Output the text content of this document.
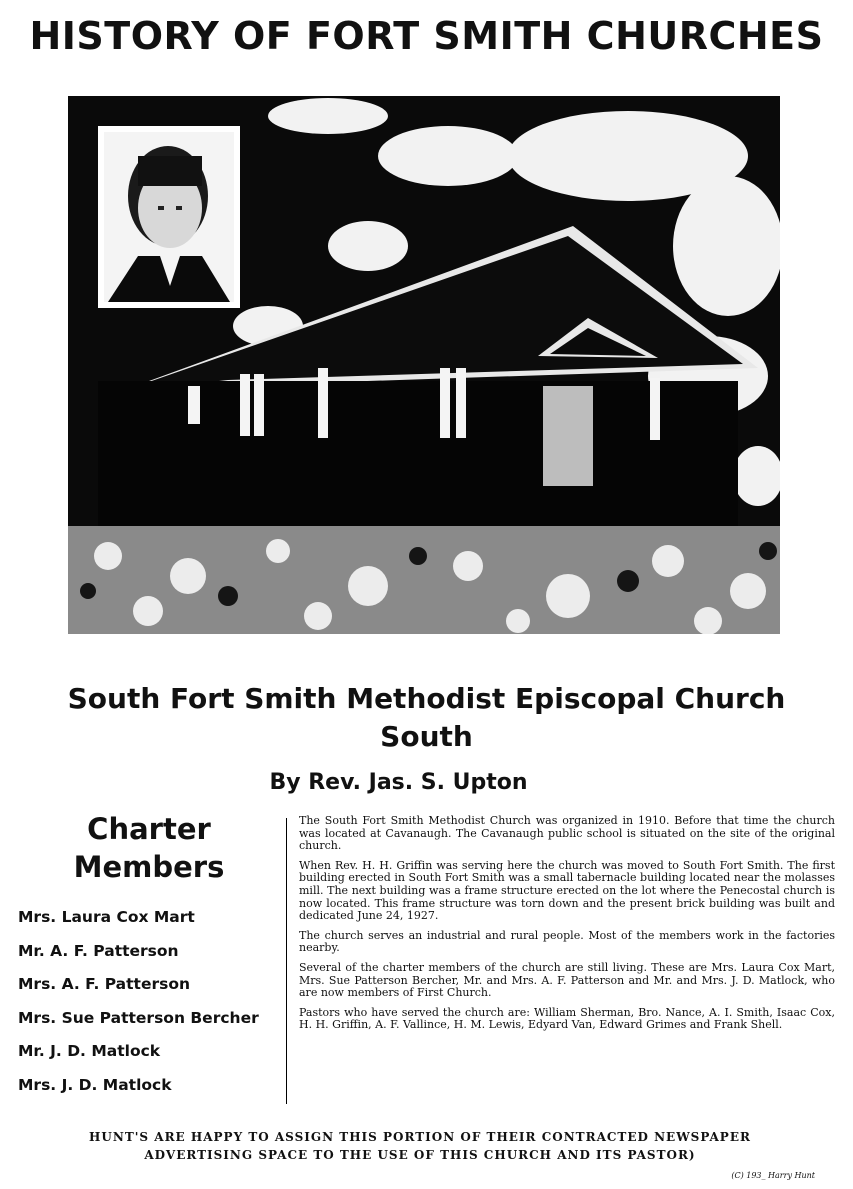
HISTORY OF FORT SMITH CHURCHES
South Fort Smith Methodist Episcopal Church South
By Rev. Jas. S. Upton
Charter Members
Mrs. Laura Cox Mart
Mr. A. F. Patterson
Mrs. A. F. Patterson
Mrs. Sue Patterson Bercher
Mr. J. D. Matlock
Mrs. J. D. Matlock

The South Fort Smith Methodist Church was organized in 1910. Before that time the church was located at Cavanaugh. The Cavanaugh public school is situated on the site of the original church.

When Rev. H. H. Griffin was serving here the church was moved to South Fort Smith. The first building erected in South Fort Smith was a small tabernacle building located near the molasses mill. The next building was a frame structure erected on the lot where the Penecostal church is now located. This frame structure was torn down and the present brick building was built and dedicated June 24, 1927.

The church serves an industrial and rural people. Most of the members work in the factories nearby.

Several of the charter members of the church are still living. These are Mrs. Laura Cox Mart, Mrs. Sue Patterson Bercher, Mr. and Mrs. A. F. Patterson and Mr. and Mrs. J. D. Matlock, who are now members of First Church.

Pastors who have served the church are: William Sherman, Bro. Nance, A. I. Smith, Isaac Cox, H. H. Griffin, A. F. Vallince, H. M. Lewis, Edyard Van, Edward Grimes and Frank Shell.

HUNT'S ARE HAPPY TO ASSIGN THIS PORTION OF THEIR CONTRACTED NEWSPAPER ADVERTISING SPACE TO THE USE OF THIS CHURCH AND ITS PASTOR)
(C) 193_ Harry Hunt
